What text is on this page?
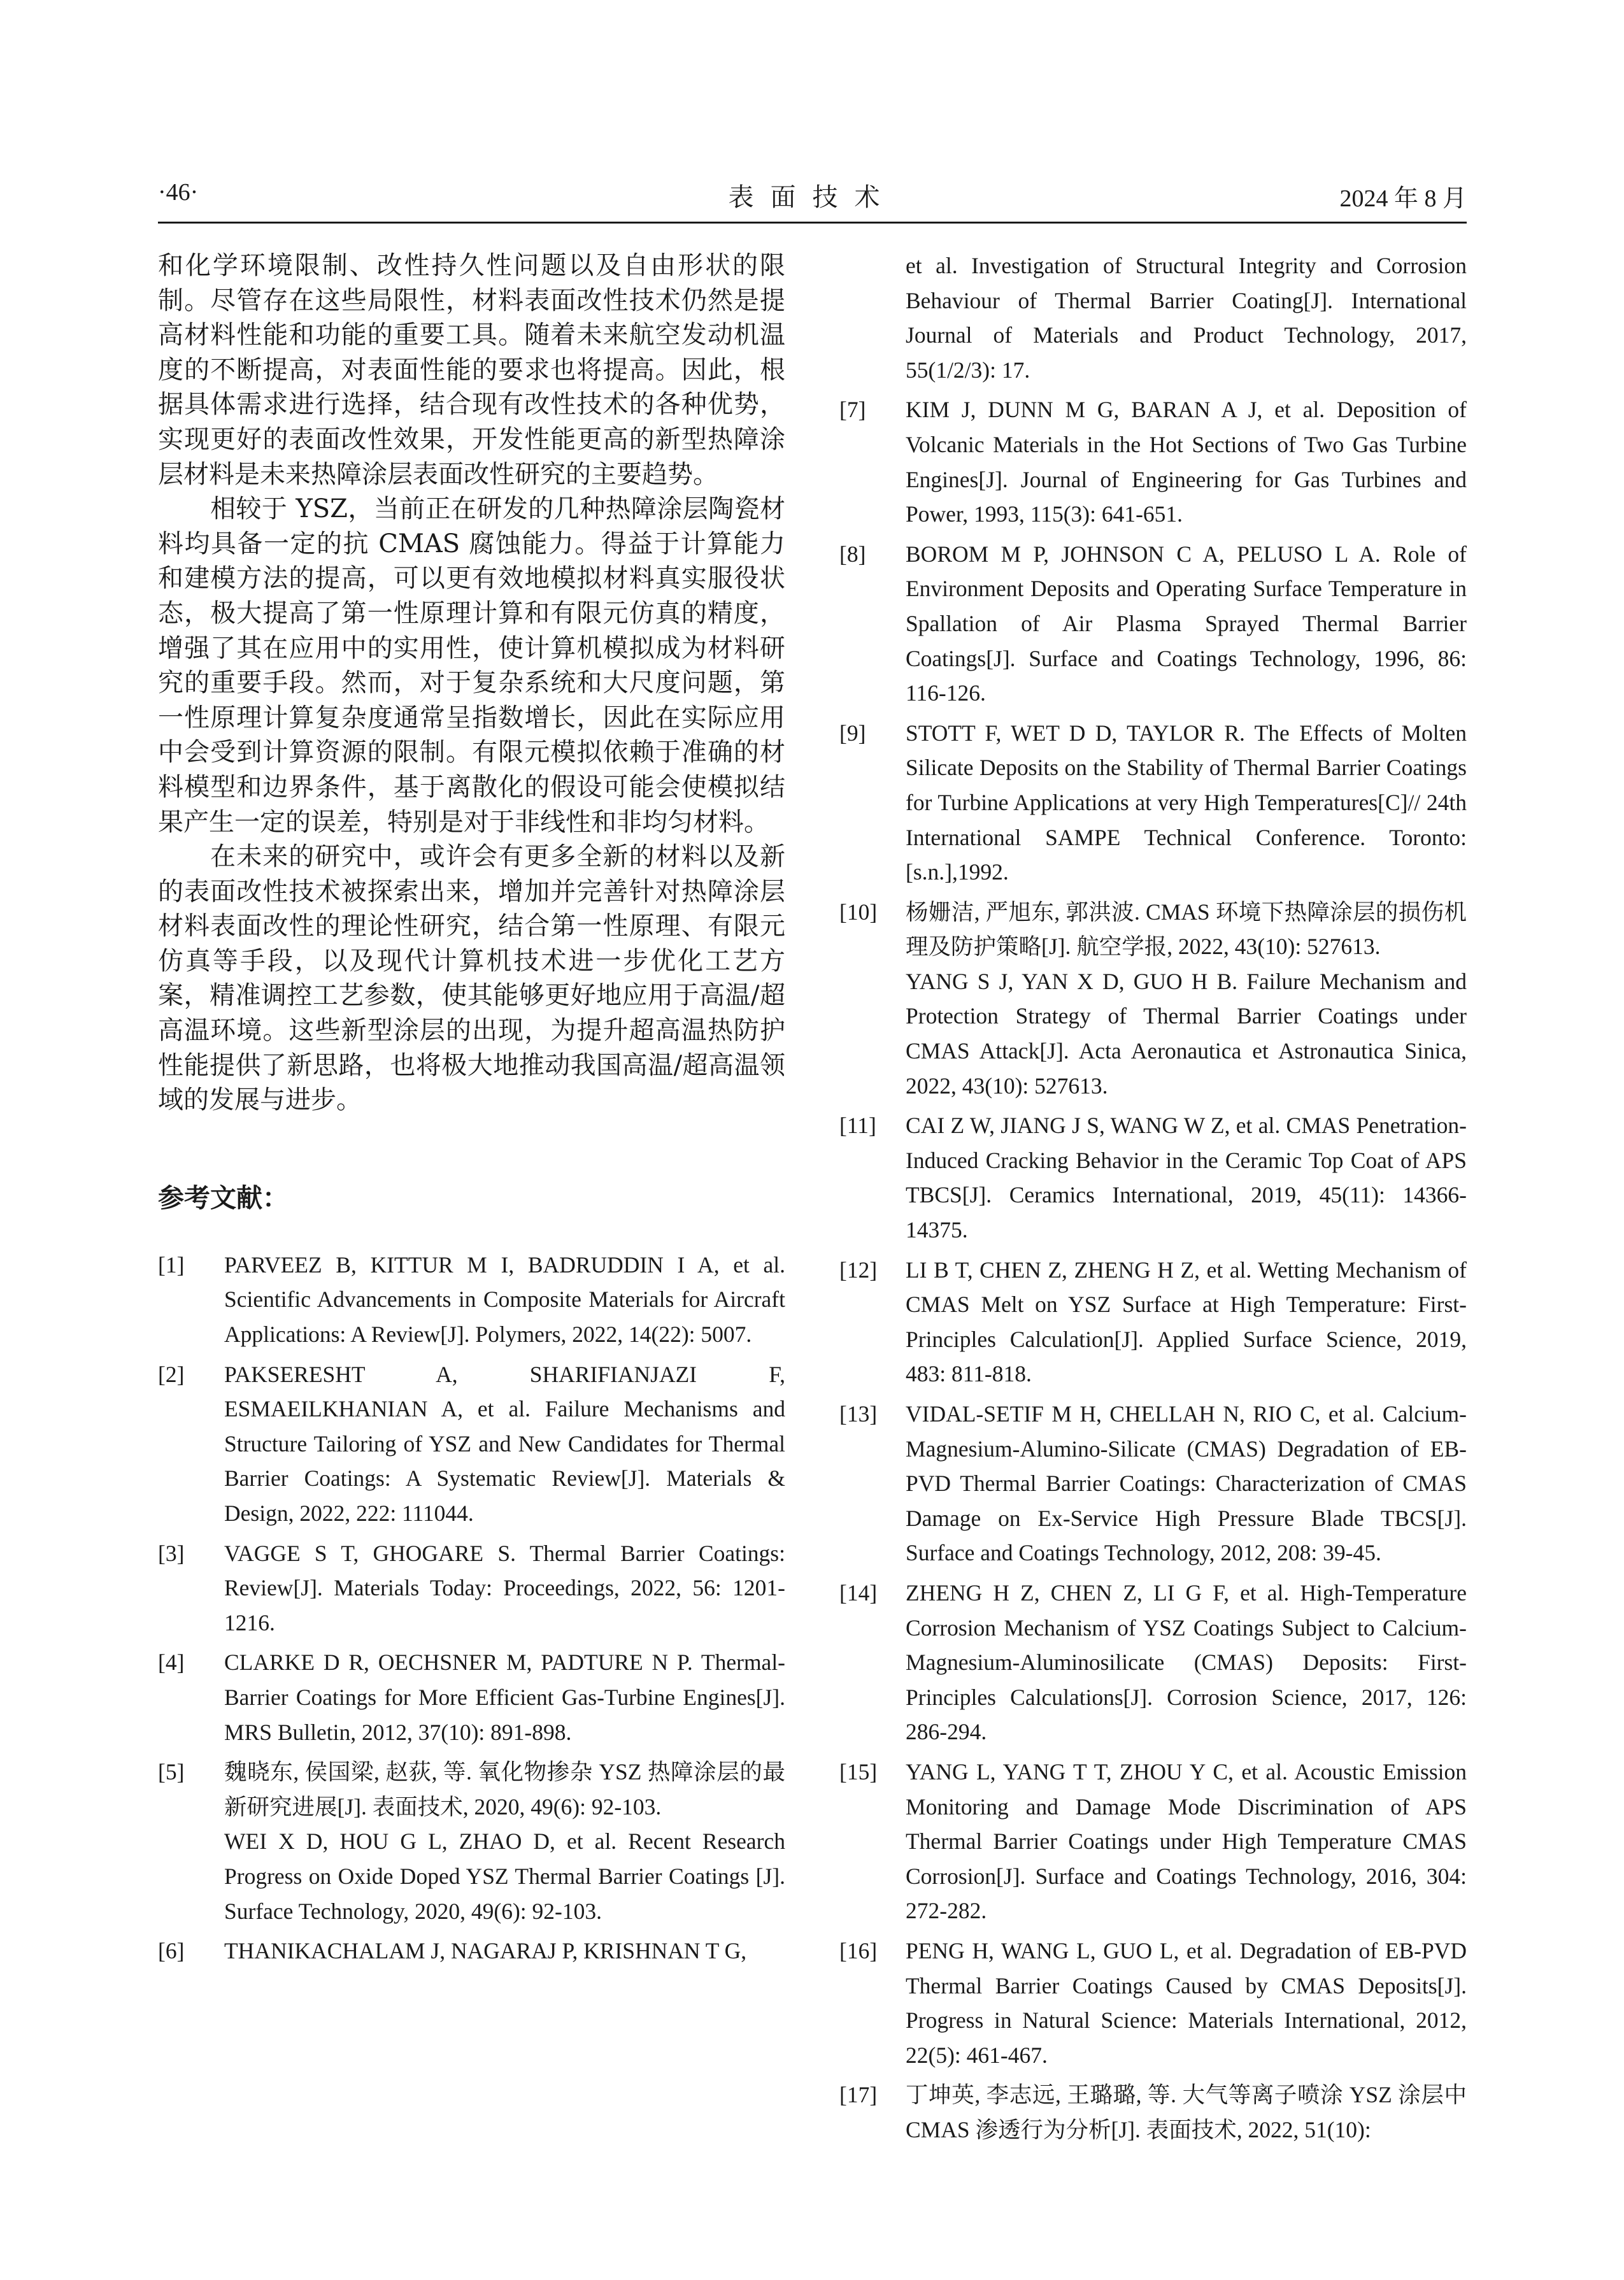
·46·	表面技术	2024 年 8 月

和化学环境限制、改性持久性问题以及自由形状的限制。尽管存在这些局限性，材料表面改性技术仍然是提高材料性能和功能的重要工具。随着未来航空发动机温度的不断提高，对表面性能的要求也将提高。因此，根据具体需求进行选择，结合现有改性技术的各种优势，实现更好的表面改性效果，开发性能更高的新型热障涂层材料是未来热障涂层表面改性研究的主要趋势。

相较于 YSZ，当前正在研发的几种热障涂层陶瓷材料均具备一定的抗 CMAS 腐蚀能力。得益于计算能力和建模方法的提高，可以更有效地模拟材料真实服役状态，极大提高了第一性原理计算和有限元仿真的精度，增强了其在应用中的实用性，使计算机模拟成为材料研究的重要手段。然而，对于复杂系统和大尺度问题，第一性原理计算复杂度通常呈指数增长，因此在实际应用中会受到计算资源的限制。有限元模拟依赖于准确的材料模型和边界条件，基于离散化的假设可能会使模拟结果产生一定的误差，特别是对于非线性和非均匀材料。

在未来的研究中，或许会有更多全新的材料以及新的表面改性技术被探索出来，增加并完善针对热障涂层材料表面改性的理论性研究，结合第一性原理、有限元仿真等手段，以及现代计算机技术进一步优化工艺方案，精准调控工艺参数，使其能够更好地应用于高温/超高温环境。这些新型涂层的出现，为提升超高温热防护性能提供了新思路，也将极大地推动我国高温/超高温领域的发展与进步。

参考文献：
[1] PARVEEZ B, KITTUR M I, BADRUDDIN I A, et al. Scientific Advancements in Composite Materials for Aircraft Applications: A Review[J]. Polymers, 2022, 14(22): 5007.
[2] PAKSERESHT A, SHARIFIANJAZI F, ESMAEILKHANIAN A, et al. Failure Mechanisms and Structure Tailoring of YSZ and New Candidates for Thermal Barrier Coatings: A Systematic Review[J]. Materials & Design, 2022, 222: 111044.
[3] VAGGE S T, GHOGARE S. Thermal Barrier Coatings: Review[J]. Materials Today: Proceedings, 2022, 56: 1201-1216.
[4] CLARKE D R, OECHSNER M, PADTURE N P. Thermal-Barrier Coatings for More Efficient Gas-Turbine Engines[J]. MRS Bulletin, 2012, 37(10): 891-898.
[5] 魏晓东, 侯国梁, 赵荻, 等. 氧化物掺杂 YSZ 热障涂层的最新研究进展[J]. 表面技术, 2020, 49(6): 92-103.
WEI X D, HOU G L, ZHAO D, et al. Recent Research Progress on Oxide Doped YSZ Thermal Barrier Coatings [J]. Surface Technology, 2020, 49(6): 92-103.
[6] THANIKACHALAM J, NAGARAJ P, KRISHNAN T G,
et al. Investigation of Structural Integrity and Corrosion Behaviour of Thermal Barrier Coating[J]. International Journal of Materials and Product Technology, 2017, 55(1/2/3): 17.
[7] KIM J, DUNN M G, BARAN A J, et al. Deposition of Volcanic Materials in the Hot Sections of Two Gas Turbine Engines[J]. Journal of Engineering for Gas Turbines and Power, 1993, 115(3): 641-651.
[8] BOROM M P, JOHNSON C A, PELUSO L A. Role of Environment Deposits and Operating Surface Temperature in Spallation of Air Plasma Sprayed Thermal Barrier Coatings[J]. Surface and Coatings Technology, 1996, 86: 116-126.
[9] STOTT F, WET D D, TAYLOR R. The Effects of Molten Silicate Deposits on the Stability of Thermal Barrier Coatings for Turbine Applications at very High Temperatures[C]// 24th International SAMPE Technical Conference. Toronto: [s.n.],1992.
[10] 杨姗洁, 严旭东, 郭洪波. CMAS 环境下热障涂层的损伤机理及防护策略[J]. 航空学报, 2022, 43(10): 527613.
YANG S J, YAN X D, GUO H B. Failure Mechanism and Protection Strategy of Thermal Barrier Coatings under CMAS Attack[J]. Acta Aeronautica et Astronautica Sinica, 2022, 43(10): 527613.
[11] CAI Z W, JIANG J S, WANG W Z, et al. CMAS Penetration-Induced Cracking Behavior in the Ceramic Top Coat of APS TBCS[J]. Ceramics International, 2019, 45(11): 14366-14375.
[12] LI B T, CHEN Z, ZHENG H Z, et al. Wetting Mechanism of CMAS Melt on YSZ Surface at High Temperature: First-Principles Calculation[J]. Applied Surface Science, 2019, 483: 811-818.
[13] VIDAL-SETIF M H, CHELLAH N, RIO C, et al. Calcium-Magnesium-Alumino-Silicate (CMAS) Degradation of EB-PVD Thermal Barrier Coatings: Characterization of CMAS Damage on Ex-Service High Pressure Blade TBCS[J]. Surface and Coatings Technology, 2012, 208: 39-45.
[14] ZHENG H Z, CHEN Z, LI G F, et al. High-Temperature Corrosion Mechanism of YSZ Coatings Subject to Calcium-Magnesium-Aluminosilicate (CMAS) Deposits: First-Principles Calculations[J]. Corrosion Science, 2017, 126: 286-294.
[15] YANG L, YANG T T, ZHOU Y C, et al. Acoustic Emission Monitoring and Damage Mode Discrimination of APS Thermal Barrier Coatings under High Temperature CMAS Corrosion[J]. Surface and Coatings Technology, 2016, 304: 272-282.
[16] PENG H, WANG L, GUO L, et al. Degradation of EB-PVD Thermal Barrier Coatings Caused by CMAS Deposits[J]. Progress in Natural Science: Materials International, 2012, 22(5): 461-467.
[17] 丁坤英, 李志远, 王璐璐, 等. 大气等离子喷涂 YSZ 涂层中 CMAS 渗透行为分析[J]. 表面技术, 2022, 51(10):
